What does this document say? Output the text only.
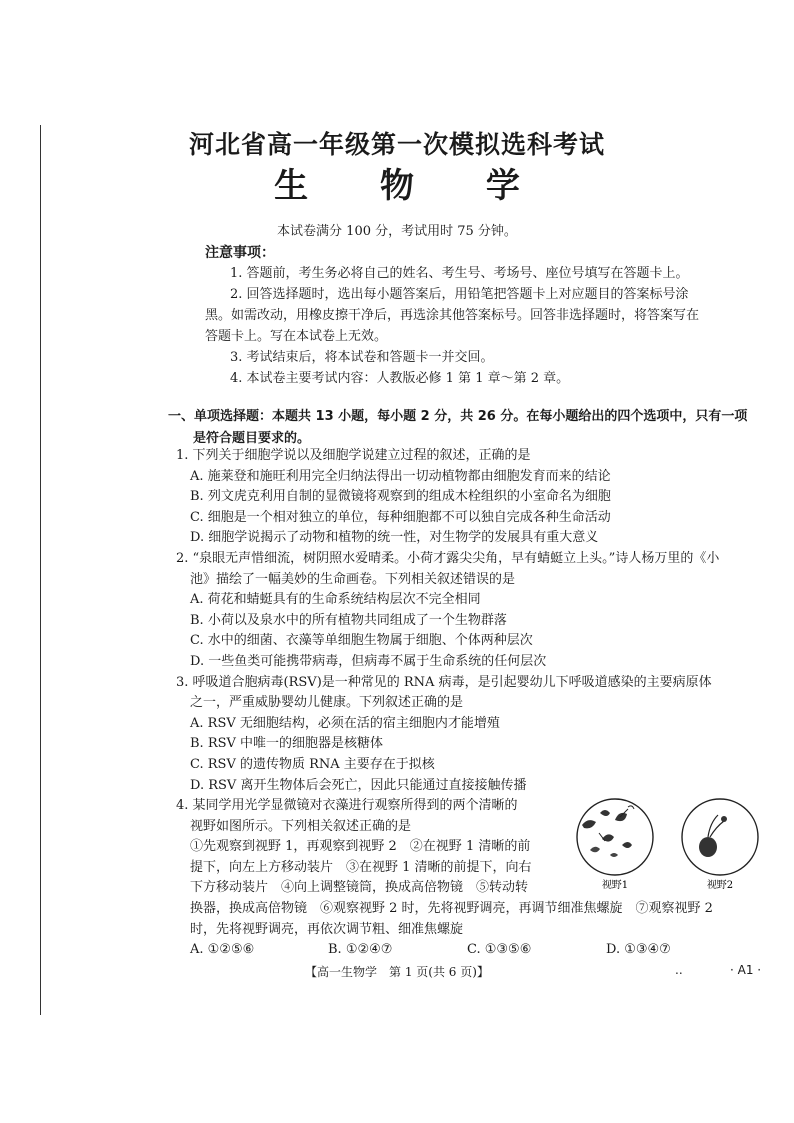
河北省高一年级第一次模拟选科考试
生 物 学
本试卷满分 100 分，考试用时 75 分钟。
注意事项：
1. 答题前，考生务必将自己的姓名、考生号、考场号、座位号填写在答题卡上。
2. 回答选择题时，选出每小题答案后，用铅笔把答题卡上对应题目的答案标号涂
黑。如需改动，用橡皮擦干净后，再选涂其他答案标号。回答非选择题时，将答案写在
答题卡上。写在本试卷上无效。
3. 考试结束后，将本试卷和答题卡一并交回。
4. 本试卷主要考试内容：人教版必修 1 第 1 章～第 2 章。
一、单项选择题：本题共 13 小题，每小题 2 分，共 26 分。在每小题给出的四个选项中，只有一项
是符合题目要求的。
1. 下列关于细胞学说以及细胞学说建立过程的叙述，正确的是
A. 施莱登和施旺利用完全归纳法得出一切动植物都由细胞发育而来的结论
B. 列文虎克利用自制的显微镜将观察到的组成木栓组织的小室命名为细胞
C. 细胞是一个相对独立的单位，每种细胞都不可以独自完成各种生命活动
D. 细胞学说揭示了动物和植物的统一性，对生物学的发展具有重大意义
2. “泉眼无声惜细流，树阴照水爱晴柔。小荷才露尖尖角，早有蜻蜓立上头。”诗人杨万里的《小
池》描绘了一幅美妙的生命画卷。下列相关叙述错误的是
A. 荷花和蜻蜓具有的生命系统结构层次不完全相同
B. 小荷以及泉水中的所有植物共同组成了一个生物群落
C. 水中的细菌、衣藻等单细胞生物属于细胞、个体两种层次
D. 一些鱼类可能携带病毒，但病毒不属于生命系统的任何层次
3. 呼吸道合胞病毒(RSV)是一种常见的 RNA 病毒，是引起婴幼儿下呼吸道感染的主要病原体
之一，严重威胁婴幼儿健康。下列叙述正确的是
A. RSV 无细胞结构，必须在活的宿主细胞内才能增殖
B. RSV 中唯一的细胞器是核糖体
C. RSV 的遗传物质 RNA 主要存在于拟核
D. RSV 离开生物体后会死亡，因此只能通过直接接触传播
4. 某同学用光学显微镜对衣藻进行观察所得到的两个清晰的
视野如图所示。下列相关叙述正确的是
①先观察到视野 1，再观察到视野 2　②在视野 1 清晰的前
提下，向左上方移动装片　③在视野 1 清晰的前提下，向右
下方移动装片　④向上调整镜筒，换成高倍物镜　⑤转动转
换器，换成高倍物镜　⑥观察视野 2 时，先将视野调亮，再调节细准焦螺旋　⑦观察视野 2
时，先将视野调亮，再依次调节粗、细准焦螺旋
A. ①②⑤⑥	B. ①②④⑦	C. ①③⑤⑥	D. ①③④⑦
视野1	视野2
【高一生物学　第 1 页(共 6 页)】	..	· A1 ·
